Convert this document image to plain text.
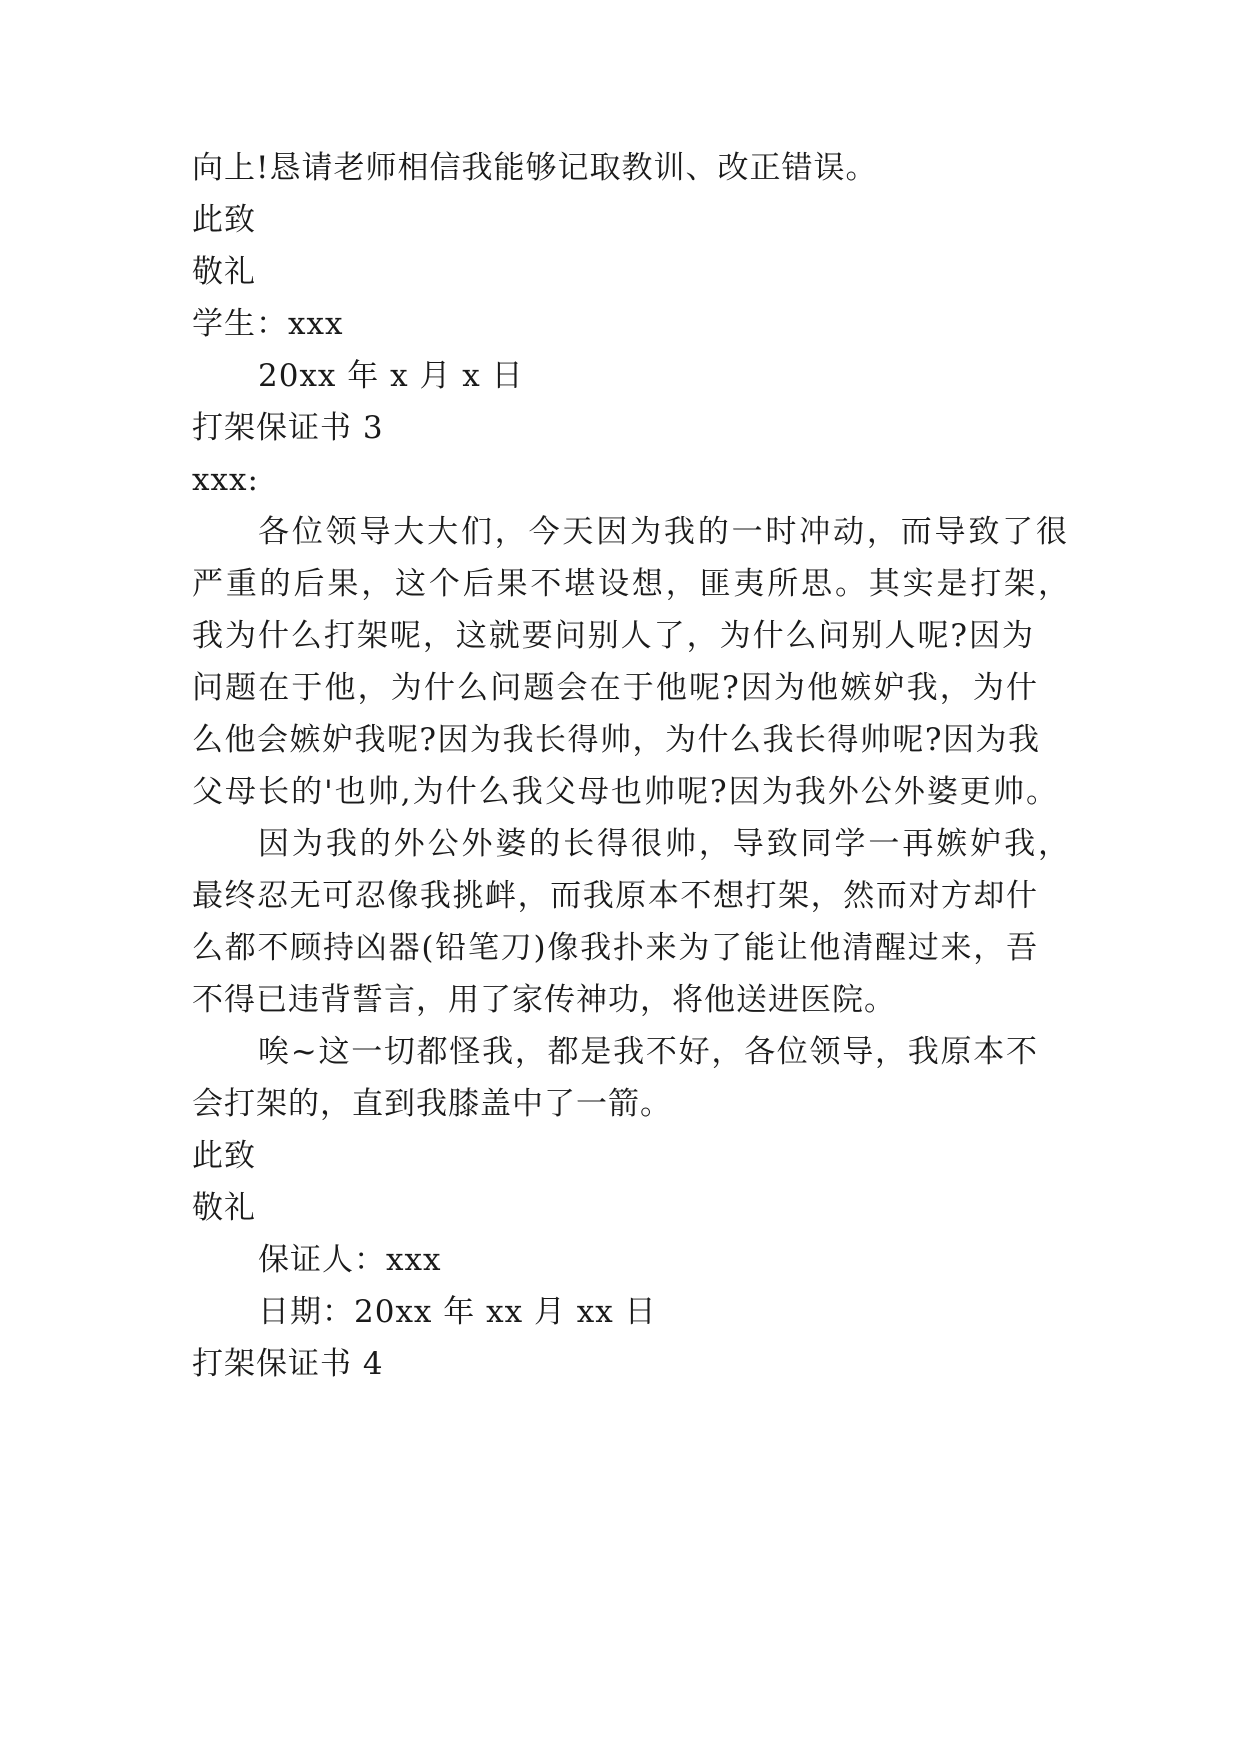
向上!恳请老师相信我能够记取教训、改正错误。
此致
敬礼
学生：xxx
20xx 年 x 月 x 日
打架保证书 3
xxx:
各位领导大大们，今天因为我的一时冲动，而导致了很
严重的后果，这个后果不堪设想，匪夷所思。其实是打架，
我为什么打架呢，这就要问别人了，为什么问别人呢?因为
问题在于他，为什么问题会在于他呢?因为他嫉妒我，为什
么他会嫉妒我呢?因为我长得帅，为什么我长得帅呢?因为我
父母长的'也帅,为什么我父母也帅呢?因为我外公外婆更帅。
因为我的外公外婆的长得很帅，导致同学一再嫉妒我，
最终忍无可忍像我挑衅，而我原本不想打架，然而对方却什
么都不顾持凶器(铅笔刀)像我扑来为了能让他清醒过来，吾
不得已违背誓言，用了家传神功，将他送进医院。
唉~这一切都怪我，都是我不好，各位领导，我原本不
会打架的，直到我膝盖中了一箭。
此致
敬礼
保证人：xxx
日期：20xx 年 xx 月 xx 日
打架保证书 4
